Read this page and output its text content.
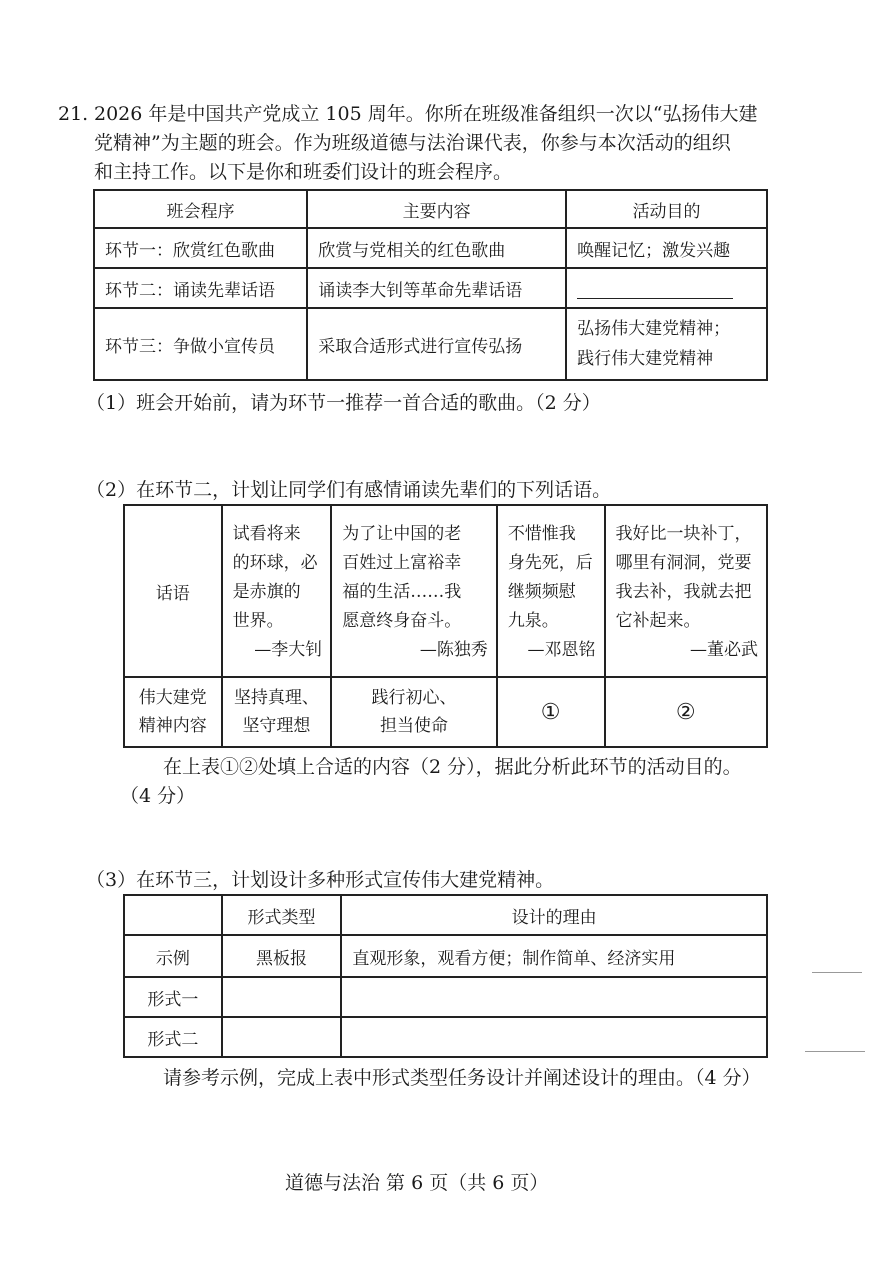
21. 2026 年是中国共产党成立 105 周年。你所在班级准备组织一次以“弘扬伟大建
党精神”为主题的班会。作为班级道德与法治课代表，你参与本次活动的组织
和主持工作。以下是你和班委们设计的班会程序。
班会程序	主要内容	活动目的
环节一：欣赏红色歌曲	欣赏与党相关的红色歌曲	唤醒记忆；激发兴趣
环节二：诵读先辈话语	诵读李大钊等革命先辈话语	
环节三：争做小宣传员	采取合适形式进行宣传弘扬	弘扬伟大建党精神；
践行伟大建党精神
（1）班会开始前，请为环节一推荐一首合适的歌曲。（2 分）
（2）在环节二，计划让同学们有感情诵读先辈们的下列话语。
话语	试看将来
的环球，必
是赤旗的
世界。
—李大钊	为了让中国的老
百姓过上富裕幸
福的生活……我
愿意终身奋斗。
—陈独秀	不惜惟我
身先死，后
继频频慰
九泉。
—邓恩铭	我好比一块补丁，
哪里有洞洞，党要
我去补，我就去把
它补起来。
—董必武

伟大建党
精神内容	坚持真理、
坚守理想	践行初心、
担当使命	①	②
在上表①②处填上合适的内容（2 分），据此分析此环节的活动目的。
（4 分）
（3）在环节三，计划设计多种形式宣传伟大建党精神。
	形式类型	设计的理由
示例	黑板报	直观形象，观看方便；制作简单、经济实用
形式一		
形式二		
请参考示例，完成上表中形式类型任务设计并阐述设计的理由。（4 分）
道德与法治 第 6 页（共 6 页）
